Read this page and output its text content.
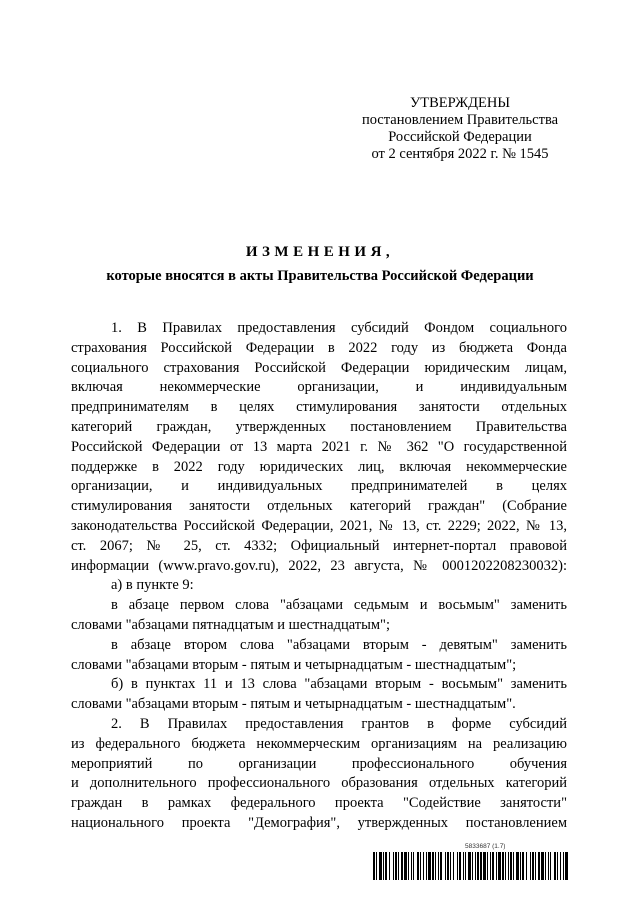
УТВЕРЖДЕНЫ
постановлением Правительства
Российской Федерации
от 2 сентября 2022 г. № 1545
ИЗМЕНЕНИЯ,
которые вносятся в акты Правительства Российской Федерации
1. В Правилах предоставления субсидий Фондом социального
страхования Российской Федерации в 2022 году из бюджета Фонда
социального страхования Российской Федерации юридическим лицам,
включая некоммерческие организации, и индивидуальным
предпринимателям в целях стимулирования занятости отдельных
категорий граждан, утвержденных постановлением Правительства
Российской Федерации от 13 марта 2021 г. № 362 "О государственной
поддержке в 2022 году юридических лиц, включая некоммерческие
организации, и индивидуальных предпринимателей в целях
стимулирования занятости отдельных категорий граждан" (Собрание
законодательства Российской Федерации, 2021, № 13, ст. 2229; 2022, № 13,
ст. 2067; № 25, ст. 4332; Официальный интернет-портал правовой
информации (www.pravo.gov.ru), 2022, 23 августа, № 0001202208230032):
а) в пункте 9:
в абзаце первом слова "абзацами седьмым и восьмым" заменить
словами "абзацами пятнадцатым и шестнадцатым";
в абзаце втором слова "абзацами вторым - девятым" заменить
словами "абзацами вторым - пятым и четырнадцатым - шестнадцатым";
б) в пунктах 11 и 13 слова "абзацами вторым - восьмым" заменить
словами "абзацами вторым - пятым и четырнадцатым - шестнадцатым".
2. В Правилах предоставления грантов в форме субсидий
из федерального бюджета некоммерческим организациям на реализацию
мероприятий по организации профессионального обучения
и дополнительного профессионального образования отдельных категорий
граждан в рамках федерального проекта "Содействие занятости"
национального проекта "Демография", утвержденных постановлением
5833687 (1.7)
